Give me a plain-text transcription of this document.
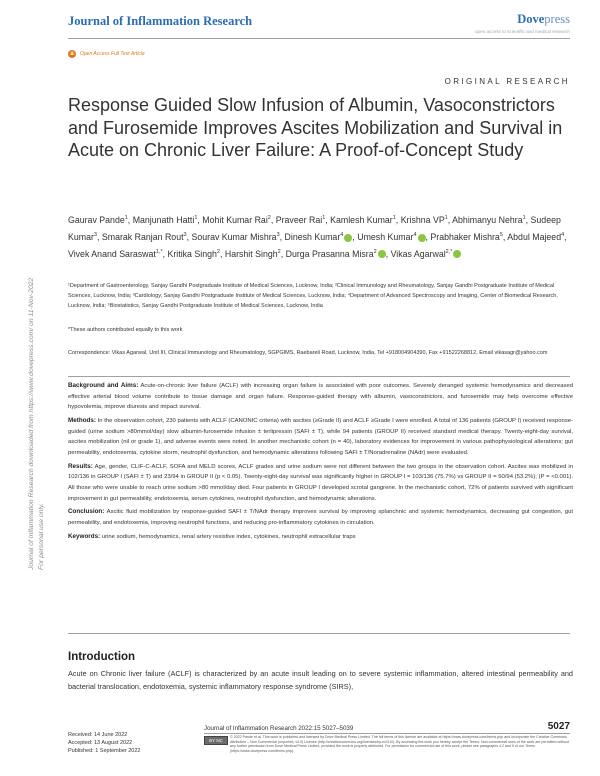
Journal of Inflammation Research	Dovepress
open access to scientific and medical research
a	Open Access Full Text Article
ORIGINAL RESEARCH
Response Guided Slow Infusion of Albumin, Vasoconstrictors and Furosemide Improves Ascites Mobilization and Survival in Acute on Chronic Liver Failure: A Proof-of-Concept Study
Gaurav Pande$^1$, Manjunath Hatti$^1$, Mohit Kumar Rai$^2$, Praveer Rai$^1$, Kamlesh Kumar$^1$, Krishna $VP^1$, Abhimanyu Nehra$^1$, Sudeep Kumar$^3$, Smarak Ranjan Rout$^3$, Sourav Kumar Mishra$^3$, Dinesh Kumar$^4$ , Umesh Kumar$^4$ , Prabhaker Mishra$^5$, Abdul Majeed$^4$, Vivek Anand Saraswat$^{1,*}$, Kritika Singh$^2$, Harshit Singh$^2$, Durga Prasanna Misra$^2$ , Vikas Agarwal$^{2,*}$
¹Department of Gastroenterology, Sanjay Gandhi Postgraduate Institute of Medical Sciences, Lucknow, India; ²Clinical Immunology and Rheumatology, Sanjay Gandhi Postgraduate Institute of Medical Sciences, Lucknow, India; ³Cardiology, Sanjay Gandhi Postgraduate Institute of Medical Sciences, Lucknow, India; ⁴Department of Advanced Spectroscopy and Imaging, Center of Biomedical Research, Lucknow, India; ⁵Biostatistics, Sanjay Gandhi Postgraduate Institute of Medical Sciences, Lucknow, India
*These authors contributed equally to this work
Correspondence: Vikas Agarwal, Unit III, Clinical Immunology and Rheumatology, SGPGIMS, Raebareli Road, Lucknow, India, Tel +918004904390, Fax +91522268812, Email vikasagr@yahoo.com

Background and Aims: Acute-on-chronic liver failure (ACLF) with increasing organ failure is associated with poor outcomes. Severely deranged systemic hemodynamics and decreased effective arterial blood volume contribute to tissue damage and organ failure. Response-guided therapy with albumin, vasoconstrictors, and furosemide may help overcome effective hypovolemia, improve diuresis and impact survival.

Methods: In the observation cohort, 230 patients with ACLF (CANONIC criteria) with ascites (≥Grade II) and ACLF ≥Grade I were enrolled. A total of 136 patients (GROUP I) received response-guided (urine sodium >80mmol/day) slow albumin-furosemide infusion ± terlipressin (SAFI ± T), while 94 patients (GROUP II) received standard medical therapy. Twenty-eight-day survival, ascites mobilization (nil or grade 1), and adverse events were noted. In another mechanistic cohort (n = 40), laboratory evidences for improvement in various pathophysiological alterations; gut permeability, endotoxemia, cytokine storm, neutrophil dysfunction, and hemodynamic alterations following SAFI ± T/Noradrenaline (NAdr) were evaluated.

Results: Age, gender, CLIF-C-ACLF, SOFA and MELD scores, ACLF grades and urine sodium were not different between the two groups in the observation cohort. Ascites was mobilized in 102/136 in GROUP I (SAFI ± T) and 23/94 in GROUP II (p < 0.05). Twenty-eight-day survival was significantly higher in GROUP I = 103/136 (75.7%) vs GROUP II = 50/94 (53.2%); (P = <0.001). All those who were unable to reach urine sodium >80 mmol/day died. Four patients in GROUP I developed scrotal gangrene. In the mechanistic cohort, 72% of patients survived with significant improvement in gut permeability, endotoxemia, serum cytokines, neutrophil dysfunction, and hemodynamic alterations.

Conclusion: Ascitic fluid mobilization by response-guided SAFI ± T/NAdr therapy improves survival by improving splanchnic and systemic hemodynamics, decreasing gut congestion, gut permeability, and endotoxemia, improving neutrophil functions, and reducing pro-inflammatory cytokines in circulation.

Keywords: urine sodium, hemodynamics, renal artery resistive index, cytokines, neutrophil extracellular traps

Introduction
Acute on Chronic liver failure (ACLF) is characterized by an acute insult leading on to severe systemic inflammation, altered intestinal permeability and bacterial translocation, endotoxemia, systemic inflammatory response syndrome (SIRS),
Journal of Inflammation Research downloaded from https://www.dovepress.com/ on 11-Nov-2022
For personal use only.
Received: 14 June 2022
Accepted: 13 August 2022
Published: 1 September 2022
Journal of Inflammation Research 2022:15 5027–5039	5027
BY NC
© 2022 Pande et al. This work is published and licensed by Dove Medical Press Limited. The full terms of this license are available at https://www.dovepress.com/terms.php and incorporate the Creative Commons Attribution – Non Commercial (unported, v3.0) License (http://creativecommons.org/licenses/by-nc/3.0/). By accessing the work you hereby accept the Terms. Non-commercial uses of the work are permitted without any further permission from Dove Medical Press Limited, provided the work is properly attributed. For permission for commercial use of this work, please see paragraphs 4.2 and 5 of our Terms (https://www.dovepress.com/terms.php).
